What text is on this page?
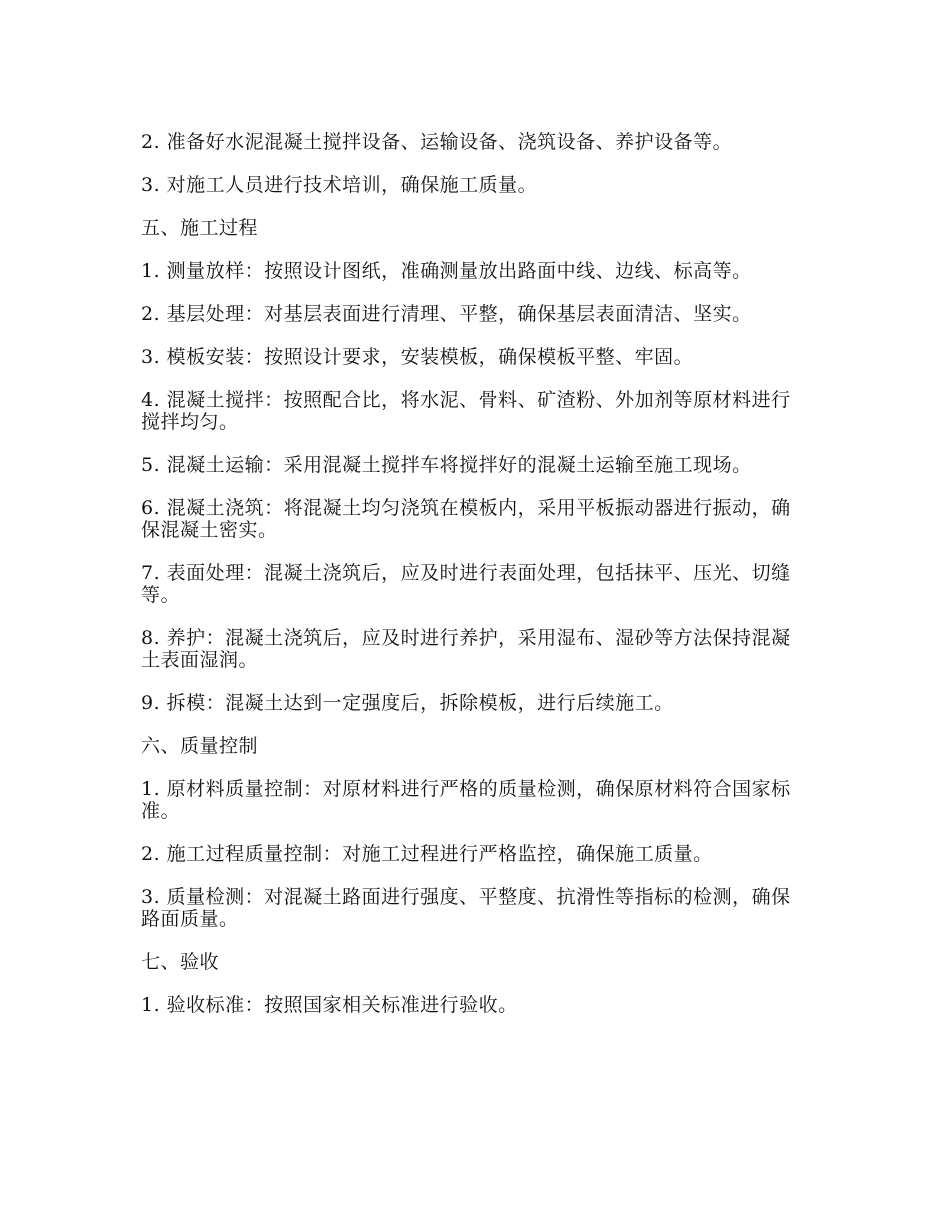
2. 准备好水泥混凝土搅拌设备、运输设备、浇筑设备、养护设备等。

3. 对施工人员进行技术培训，确保施工质量。

五、施工过程

1. 测量放样：按照设计图纸，准确测量放出路面中线、边线、标高等。

2. 基层处理：对基层表面进行清理、平整，确保基层表面清洁、坚实。

3. 模板安装：按照设计要求，安装模板，确保模板平整、牢固。

4. 混凝土搅拌：按照配合比，将水泥、骨料、矿渣粉、外加剂等原材料进行搅拌均匀。

5. 混凝土运输：采用混凝土搅拌车将搅拌好的混凝土运输至施工现场。

6. 混凝土浇筑：将混凝土均匀浇筑在模板内，采用平板振动器进行振动，确保混凝土密实。

7. 表面处理：混凝土浇筑后，应及时进行表面处理，包括抹平、压光、切缝等。

8. 养护：混凝土浇筑后，应及时进行养护，采用湿布、湿砂等方法保持混凝土表面湿润。

9. 拆模：混凝土达到一定强度后，拆除模板，进行后续施工。

六、质量控制

1. 原材料质量控制：对原材料进行严格的质量检测，确保原材料符合国家标准。

2. 施工过程质量控制：对施工过程进行严格监控，确保施工质量。

3. 质量检测：对混凝土路面进行强度、平整度、抗滑性等指标的检测，确保路面质量。

七、验收

1. 验收标准：按照国家相关标准进行验收。
